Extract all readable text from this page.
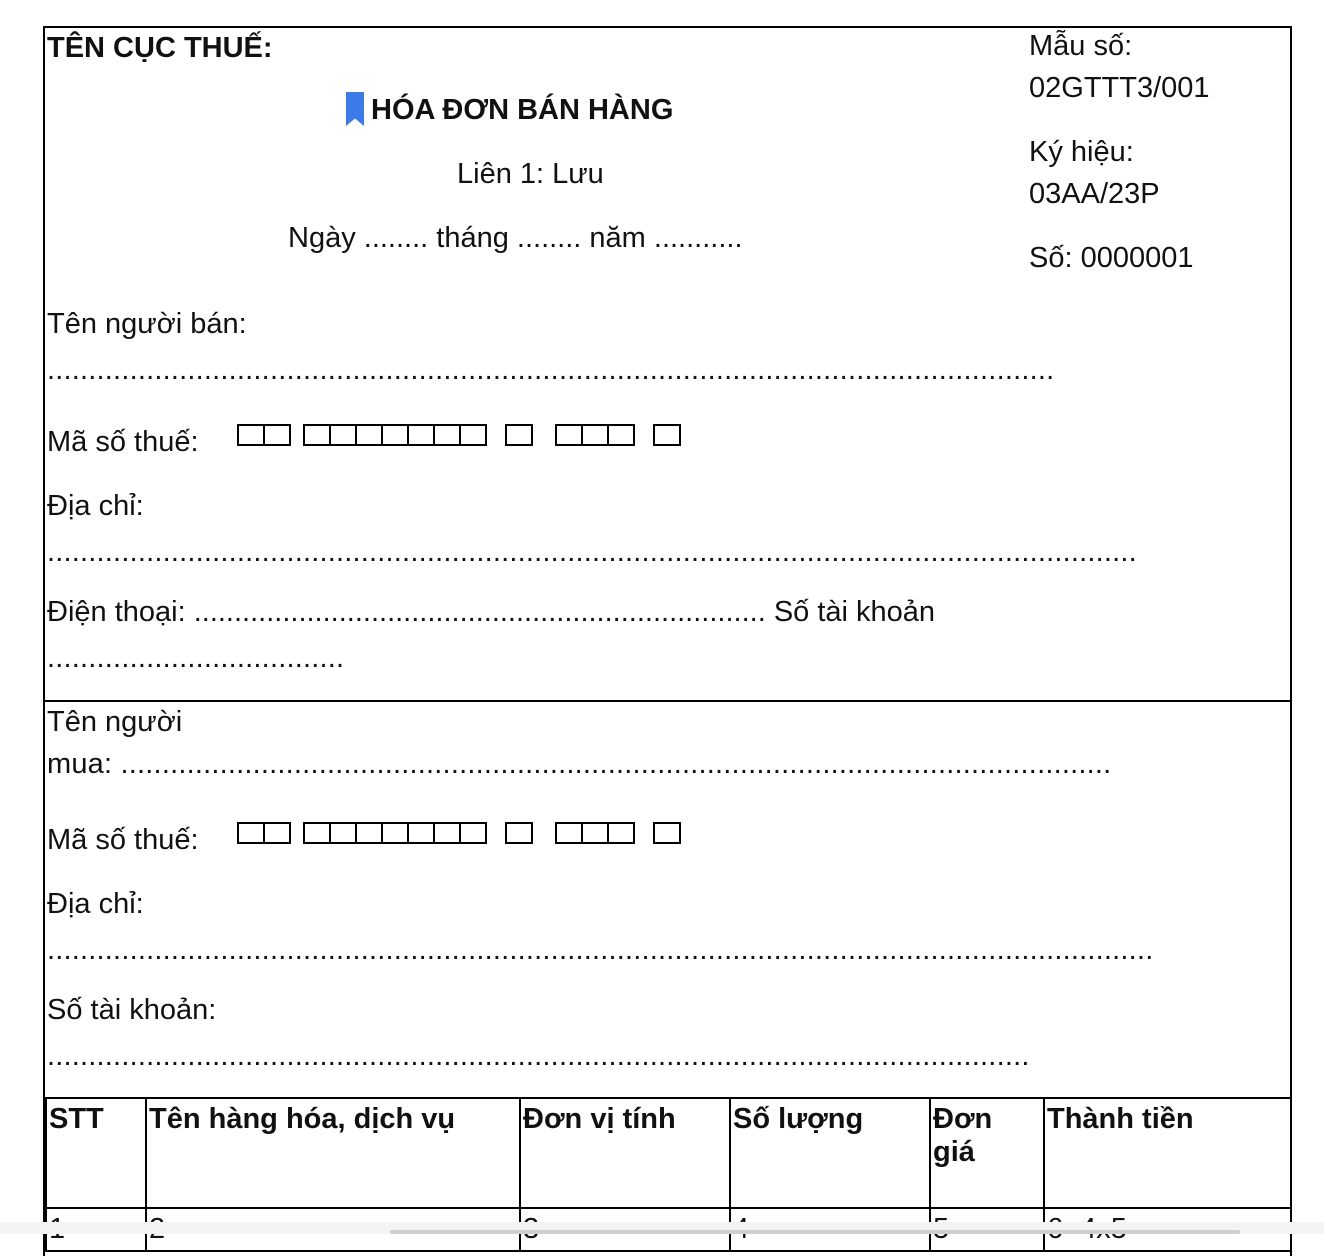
TÊN CỤC THUẾ:
HÓA ĐƠN BÁN HÀNG
Liên 1: Lưu
Ngày ........ tháng ........ năm ...........
Mẫu số:
02GTTT3/001
Ký hiệu:
03AA/23P
Số: 0000001
Tên người bán:
..........................................................................................................................
Mã số thuế:
Địa chỉ:
....................................................................................................................................
Điện thoại: ....................................................................... Số tài khoản
....................................
Tên người
mua: ........................................................................................................................
Mã số thuế:
Địa chỉ:
......................................................................................................................................
Số tài khoản:
.......................................................................................................................
STT	Tên hàng hóa, dịch vụ	Đơn vị tính	Số lượng	Đơn giá	Thành tiền
